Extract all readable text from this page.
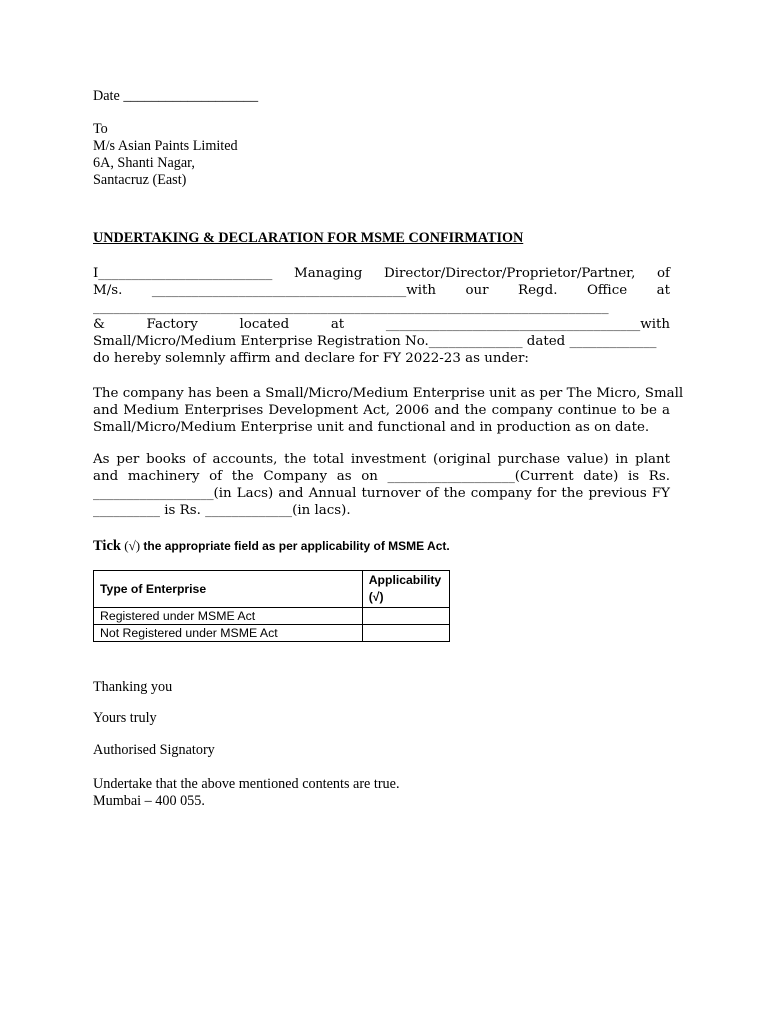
Date ___________________
To
M/s Asian Paints Limited
6A, Shanti Nagar,
Santacruz (East)
UNDERTAKING & DECLARATION FOR MSME CONFIRMATION
I__________________________ Managing Director/Director/Proprietor/Partner, of
M/s. ______________________________________with our Regd. Office at
_____________________________________________________________________________
& Factory located at ______________________________________with
Small/Micro/Medium Enterprise Registration No.______________ dated _____________
do hereby solemnly affirm and declare for FY 2022-23 as under:
The company has been a Small/Micro/Medium Enterprise unit as per The Micro, Small
and Medium Enterprises Development Act, 2006 and the company continue to be a
Small/Micro/Medium Enterprise unit and functional and in production as on date.
As per books of accounts, the total investment (original purchase value) in plant
and machinery of the Company as on ___________________(Current date) is Rs.
__________________(in Lacs) and Annual turnover of the company for the previous FY
__________ is Rs. _____________(in lacs).
Tick (√) the appropriate field as per applicability of MSME Act.
Type of Enterprise	Applicability (√)
Registered under MSME Act	
Not Registered under MSME Act	
Thanking you
Yours truly
Authorised Signatory
Undertake that the above mentioned contents are true.
Mumbai – 400 055.
